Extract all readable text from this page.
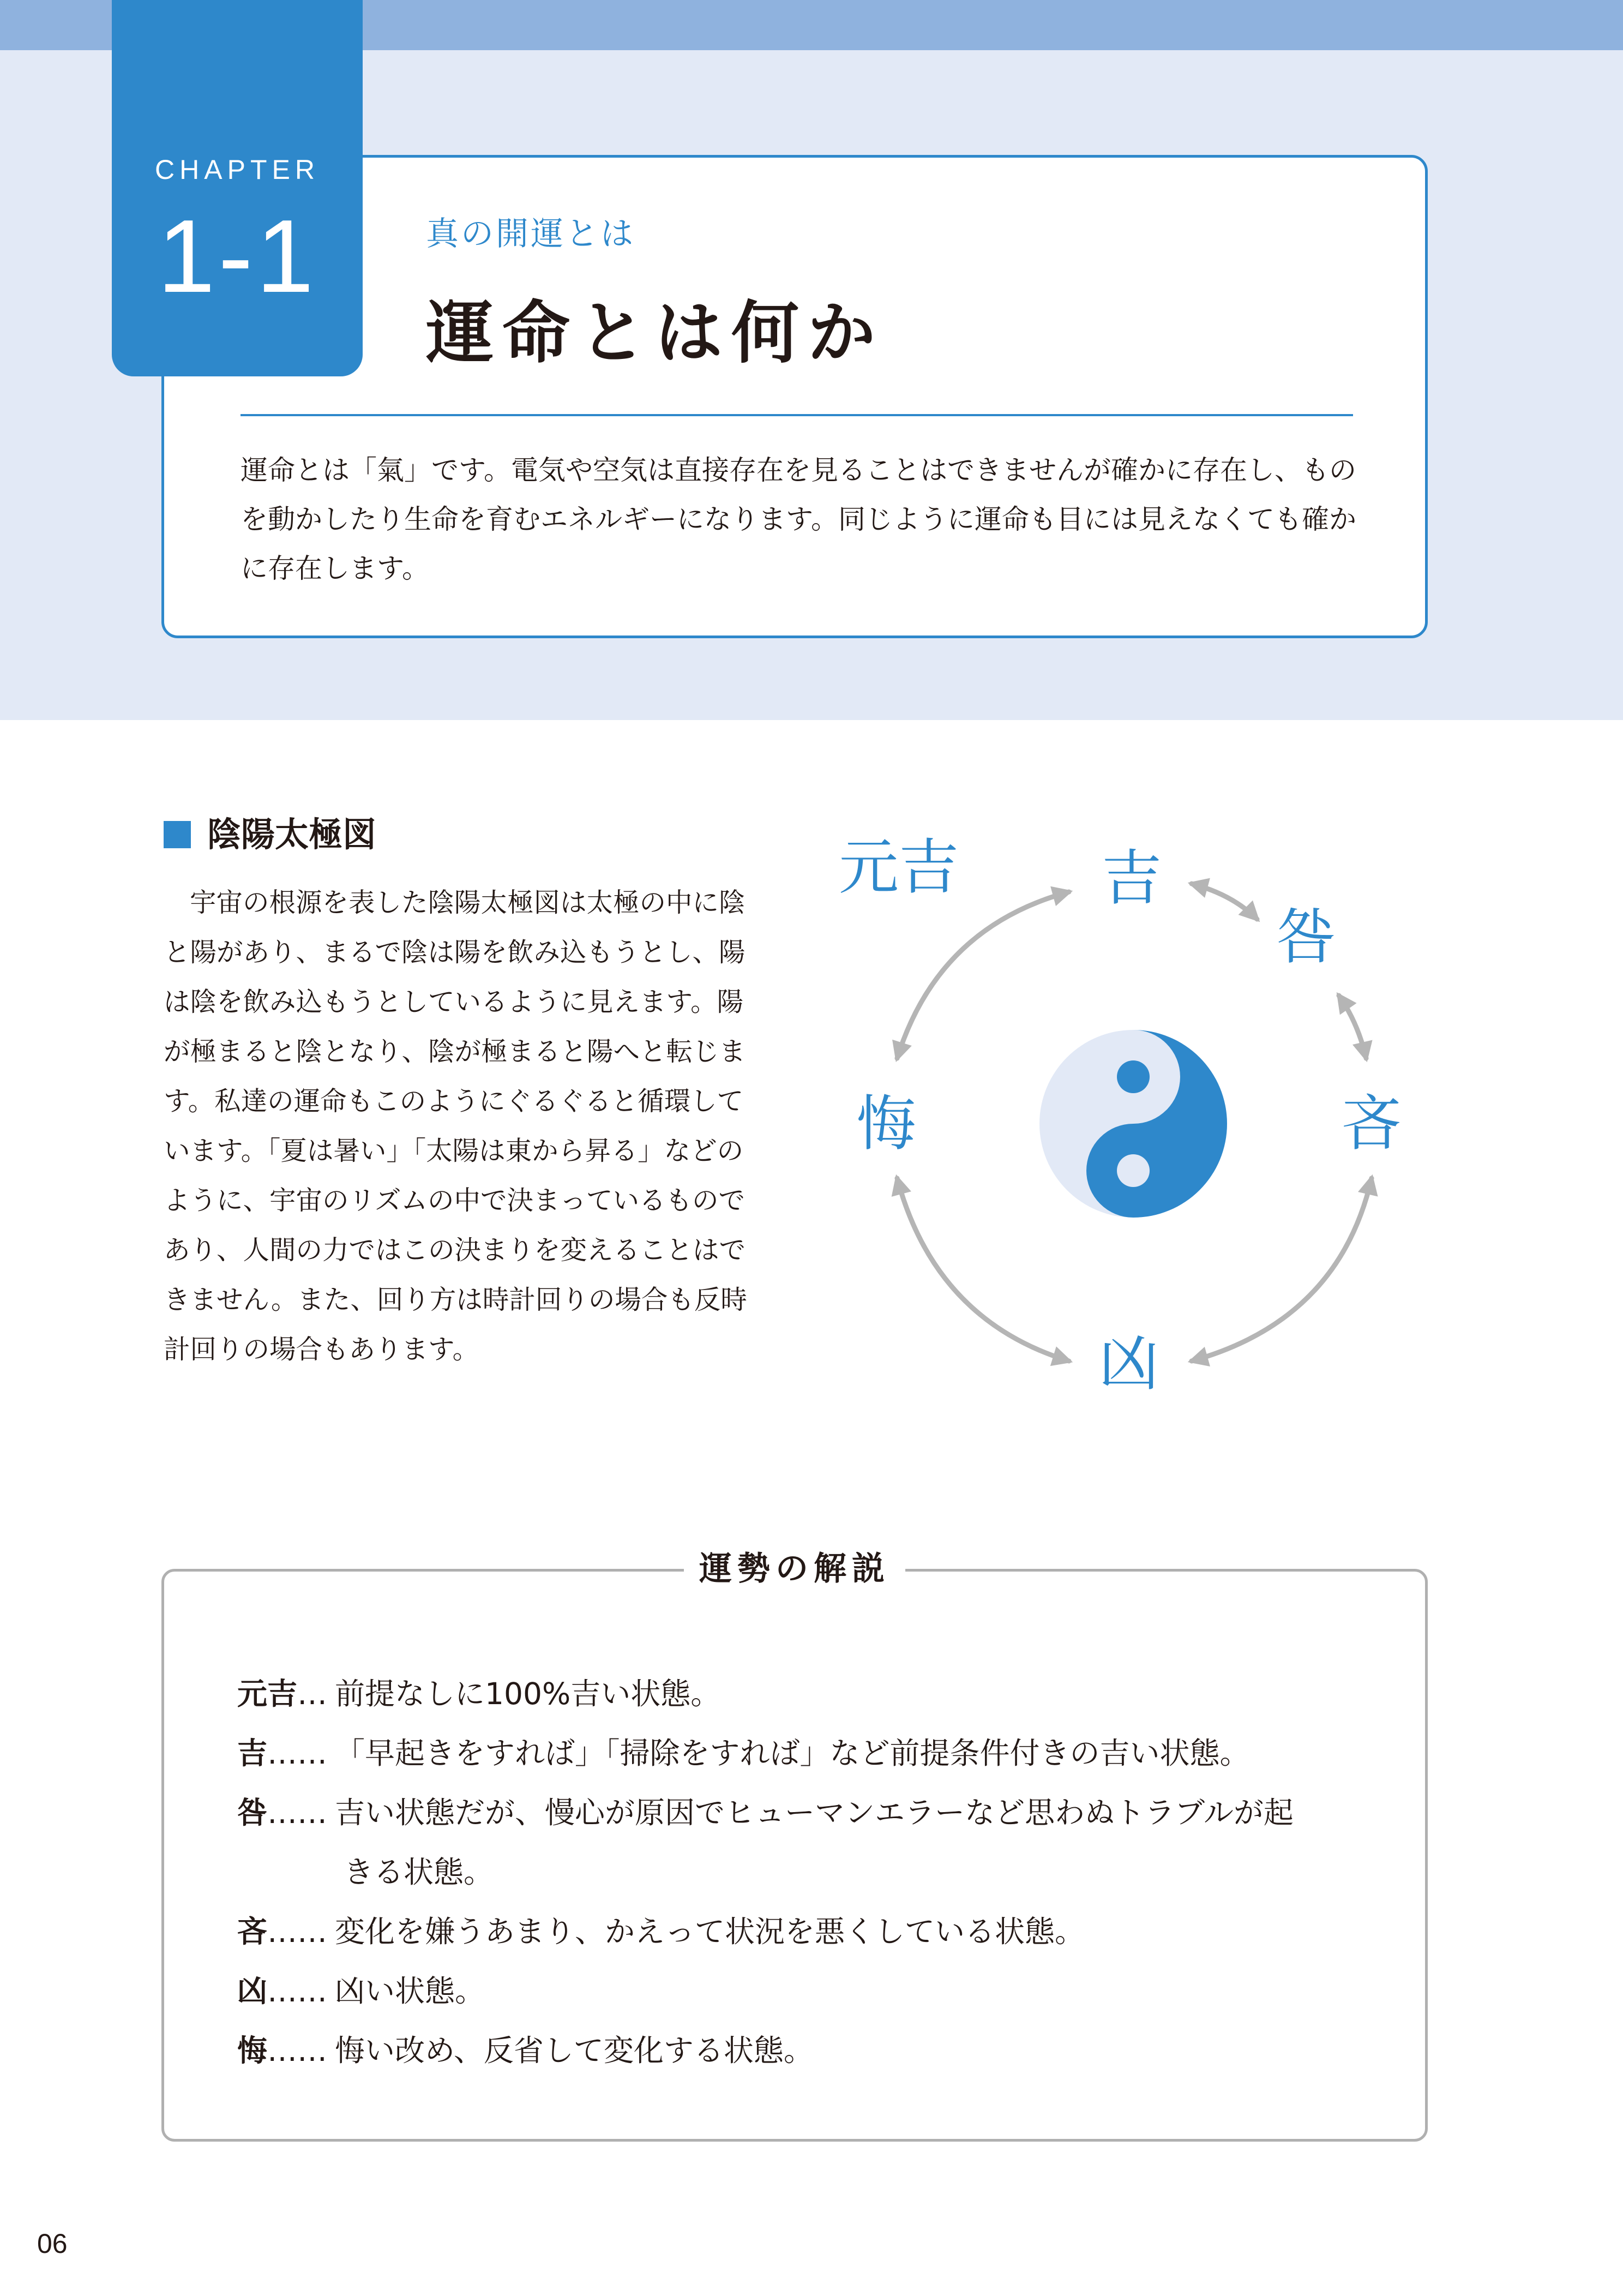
CHAPTER
1-1	真の開運とは
運命とは何か
運命とは「氣」です。電気や空気は直接存在を見ることはできませんが確かに存在し、ものを動かしたり生命を育むエネルギーになります。同じように運命も目には見えなくても確かに存在します。
陰陽太極図
宇宙の根源を表した陰陽太極図は太極の中に陰と陽があり、まるで陰は陽を飲み込もうとし、陽は陰を飲み込もうとしているように見えます。陽が極まると陰となり、陰が極まると陽へと転じます。私達の運命もこのようにぐるぐると循環しています。「夏は暑い」「太陽は東から昇る」などのように、宇宙のリズムの中で決まっているものであり、人間の力ではこの決まりを変えることはできません。また、回り方は時計回りの場合も反時計回りの場合もあります。
元吉 吉
咎
吝
凶
悔
運勢の解説
元吉… 前提なしに100%吉い状態。
吉…… 「早起きをすれば」「掃除をすれば」など前提条件付きの吉い状態。
咎…… 吉い状態だが、慢心が原因でヒューマンエラーなど思わぬトラブルが起
きる状態。
吝…… 変化を嫌うあまり、かえって状況を悪くしている状態。
凶…… 凶い状態。
悔…… 悔い改め、反省して変化する状態。
06
